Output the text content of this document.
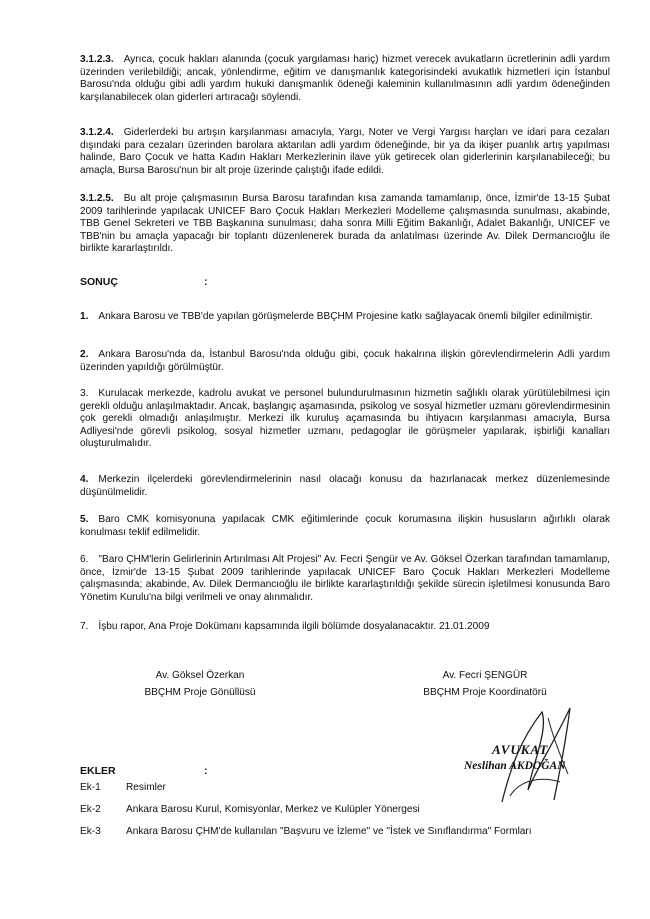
3.1.2.3. Ayrıca, çocuk hakları alanında (çocuk yargılaması hariç) hizmet verecek avukatların ücretlerinin adli yardım üzerinden verilebildiği; ancak, yönlendirme, eğitim ve danışmanlık kategorisindeki avukatlık hizmetleri için İstanbul Barosu'nda olduğu gibi adli yardım hukuki danışmanlık ödeneği kaleminin kullanılmasının adli yardım ödeneğinden karşılanabilecek olan giderleri artıracağı söylendi.
3.1.2.4. Giderlerdeki bu artışın karşılanması amacıyla, Yargı, Noter ve Vergi Yargısı harçları ve idari para cezaları dışındaki para cezaları üzerinden barolara aktarılan adli yardım ödeneğinde, bir ya da ikişer puanlık artış yapılması halinde, Baro Çocuk ve hatta Kadın Hakları Merkezlerinin ilave yük getirecek olan giderlerinin karşılanabileceği; bu amaçla, Bursa Barosu'nun bir alt proje üzerinde çalıştığı ifade edildi.
3.1.2.5. Bu alt proje çalışmasının Bursa Barosu tarafından kısa zamanda tamamlanıp, önce, İzmir'de 13-15 Şubat 2009 tarihlerinde yapılacak UNICEF Baro Çocuk Hakları Merkezleri Modelleme çalışmasında sunulması, akabinde, TBB Genel Sekreteri ve TBB Başkanına sunulması; daha sonra Milli Eğitim Bakanlığı, Adalet Bakanlığı, UNICEF ve TBB'nin bu amaçla yapacağı bir toplantı düzenlenerek burada da anlatılması üzerinde Av. Dilek Dermancıoğlu ile birlikte kararlaştırıldı.
SONUÇ	:
1. Ankara Barosu ve TBB'de yapılan görüşmelerde BBÇHM Projesine katkı sağlayacak önemli bilgiler edinilmiştir.
2. Ankara Barosu'nda da, İstanbul Barosu'nda olduğu gibi, çocuk hakalrına ilişkin görevlendirmelerin Adli yardım üzerinden yapıldığı görülmüştür.
3. Kurulacak merkezde, kadrolu avukat ve personel bulundurulmasının hizmetin sağlıklı olarak yürütülebilmesi için gerekli olduğu anlaşılmaktadır. Ancak, başlangıç aşamasında, psikolog ve sosyal hizmetler uzmanı görevlendirmesinin çok gerekli olmadığı anlaşılmıştır. Merkezi ilk kuruluş açamasında bu ihtiyacın karşılanması amacıyla, Bursa Adliyesi'nde görevli psikolog, sosyal hizmetler uzmanı, pedagoglar ile görüşmeler yapılarak, işbirliği kanalları oluşturulmalıdır.
4. Merkezin ilçelerdeki görevlendirmelerinin nasıl olacağı konusu da hazırlanacak merkez düzenlemesinde düşünülmelidir.
5. Baro CMK komisyonuna yapılacak CMK eğitimlerinde çocuk korumasına ilişkin hususların ağırlıklı olarak konulması teklif edilmelidir.
6. "Baro ÇHM'lerin Gelirlerinin Artırılması Alt Projesi" Av. Fecri Şengür ve Av. Göksel Özerkan tarafından tamamlanıp, önce, İzmir'de 13-15 Şubat 2009 tarihlerinde yapılacak UNICEF Baro Çocuk Hakları Merkezleri Modelleme çalışmasında; akabinde, Av. Dilek Dermancıoğlu ile birlikte kararlaştırıldığı şekilde sürecin işletilmesi konusunda Baro Yönetim Kurulu'na bilgi verilmeli ve onay alınmalıdır.
7. İşbu rapor, Ana Proje Dokümanı kapsamında ilgili bölümde dosyalanacaktır. 21.01.2009
Av. Göksel Özerkan
BBÇHM Proje Gönüllüsü
Av. Fecri ŞENGÜR
BBÇHM Proje Koordinatörü
AVUKAT
Neslihan AKDOĞAN
EKLER	:
Ek-1 Resimler
Ek-2 Ankara Barosu Kurul, Komisyonlar, Merkez ve Kulüpler Yönergesi
Ek-3 Ankara Barosu ÇHM'de kullanılan "Başvuru ve İzleme" ve "İstek ve Sınıflandırma" Formları
